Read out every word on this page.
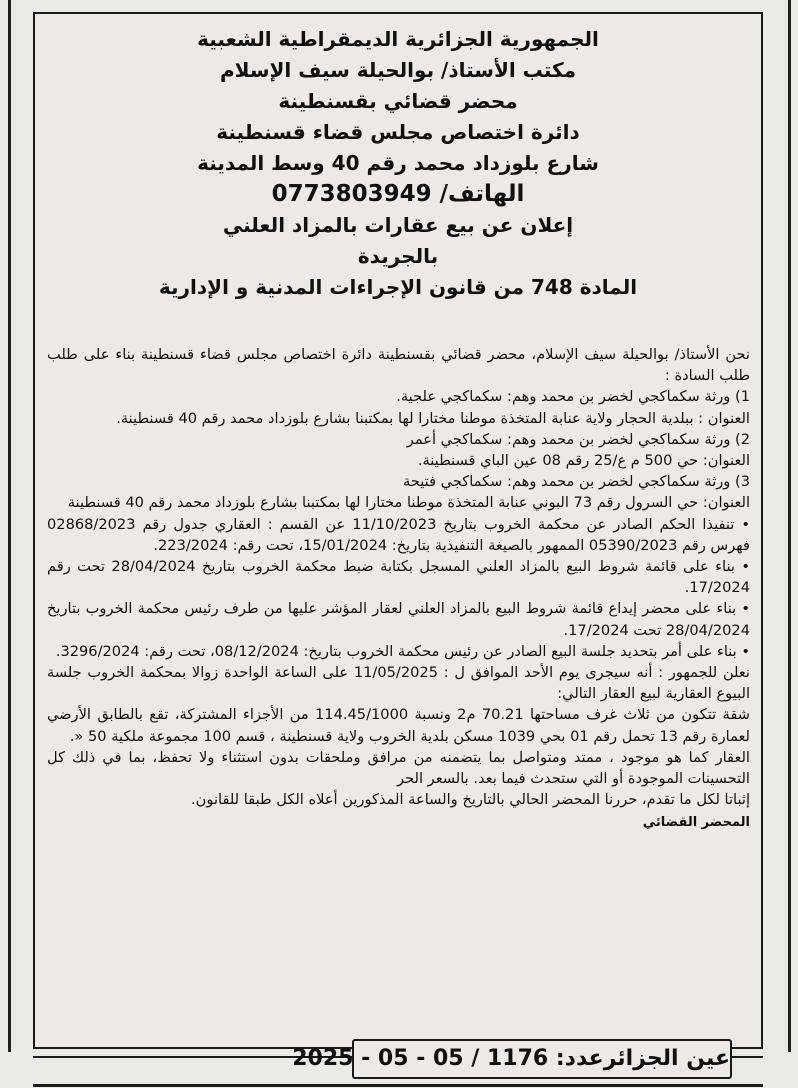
الجمهورية الجزائرية الديمقراطية الشعبية
مكتب الأستاذ/ بوالحيلة سيف الإسلام
محضر قضائي بقسنطينة
دائرة اختصاص مجلس قضاء قسنطينة
شارع بلوزداد محمد رقم 40 وسط المدينة
الهاتف/ 0773803949
إعلان عن بيع عقارات بالمزاد العلني
بالجريدة
المادة 748 من قانون الإجراءات المدنية و الإدارية

نحن الأستاذ/ بوالحيلة سيف الإسلام، محضر قضائي بقسنطينة دائرة اختصاص مجلس قضاء قسنطينة بناء على طلب طلب السادة :

1) ورثة سكماكجي لخضر بن محمد وهم: سكماكجي علجية.

العنوان : ببلدية الحجار ولاية عنابة المتخذة موطنا مختارا لها بمكتبنا بشارع بلوزداد محمد رقم 40 قسنطينة.

2) ورثة سكماكجي لخضر بن محمد وهم: سكماكجي أعمر

العنوان: حي 500 م ع/25 رقم 08 عين الباي قسنطينة.

3) ورثة سكماكجي لخضر بن محمد وهم: سكماكجي فتيحة

العنوان: حي السرول رقم 73 البوني عنابة المتخذة موطنا مختارا لها بمكتبنا بشارع بلوزداد محمد رقم 40 قسنطينة

• تنفيذا الحكم الصادر عن محكمة الخروب بتاريخ 11/10/2023 عن القسم : العقاري جدول رقم 02868/2023 فهرس رقم 05390/2023 الممهور بالصيغة التنفيذية بتاريخ: 15/01/2024، تحت رقم: 223/2024.

• بناء على قائمة شروط البيع بالمزاد العلني المسجل بكتابة ضبط محكمة الخروب بتاريخ 28/04/2024 تحت رقم 17/2024.

• بناء على محضر إيداع قائمة شروط البيع بالمزاد العلني لعقار المؤشر عليها من طرف رئيس محكمة الخروب بتاريخ 28/04/2024 تحت 17/2024.

• بناء على أمر بتحديد جلسة البيع الصادر عن رئيس محكمة الخروب بتاريخ: 08/12/2024، تحت رقم: 3296/2024.

نعلن للجمهور : أنه سيجرى يوم الأحد الموافق ل : 11/05/2025 على الساعة الواحدة زوالا بمحكمة الخروب جلسة البيوع العقارية لبيع العقار التالي:

شقة تتكون من ثلاث غرف مساحتها 70.21 م2 ونسبة 114.45/1000 من الأجزاء المشتركة، تقع بالطابق الأرضي لعمارة رقم 13 تحمل رقم 01 بحي 1039 مسكن بلدية الخروب ولاية قسنطينة ، قسم 100 مجموعة ملكية 50 «.

العقار كما هو موجود ، ممتد ومتواصل بما يتضمنه من مرافق وملحقات بدون استثناء ولا تحفظ، بما في ذلك كل التحسينات الموجودة أو التي ستحدث فيما بعد. بالسعر الحر

إثباتا لكل ما تقدم، حررنا المحضر الحالي بالتاريخ والساعة المذكورين أعلاه الكل طبقا للقانون.

المحضر القضائي

عين الجزائرعدد: 1176 / 05 - 05 - 2025
